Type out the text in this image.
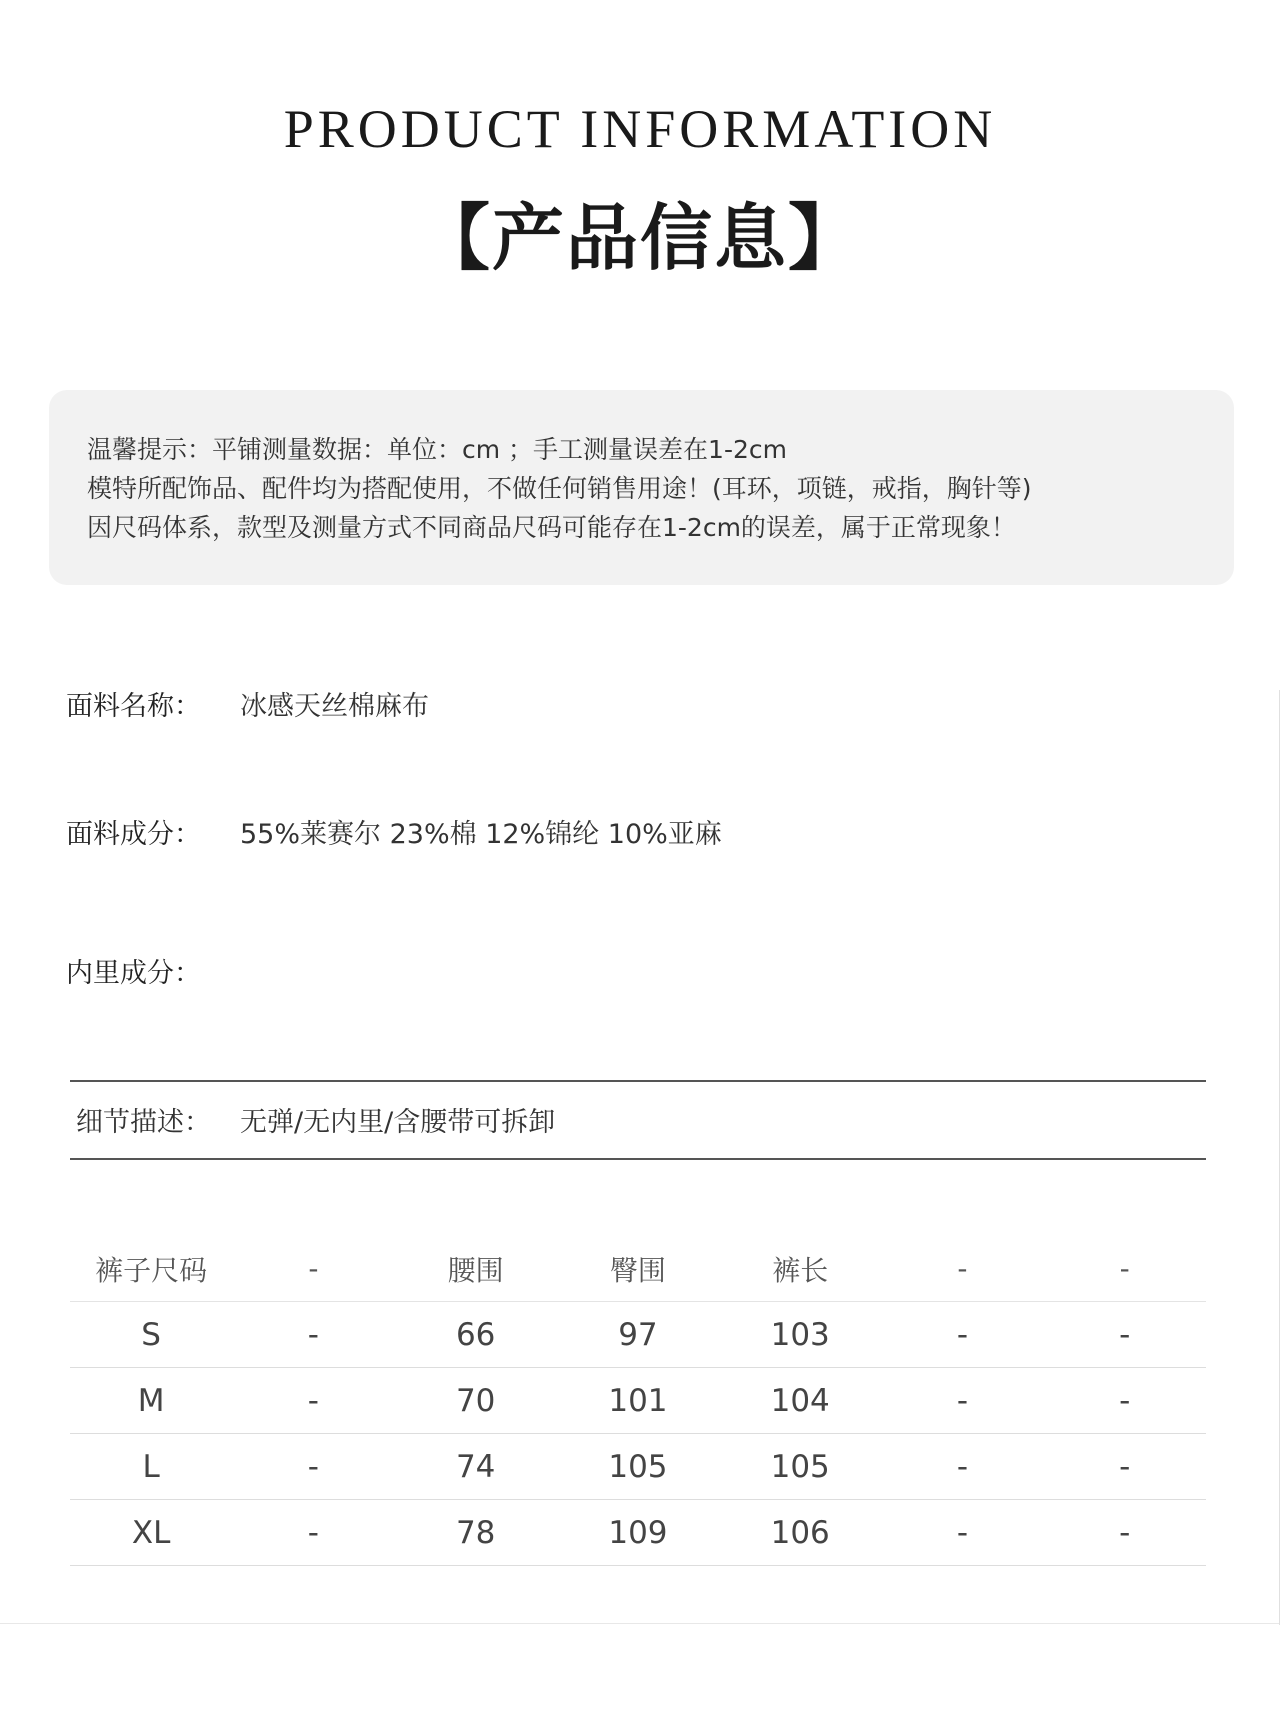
PRODUCT INFORMATION
【产品信息】
温馨提示：平铺测量数据：单位：cm ；手工测量误差在1-2cm
模特所配饰品、配件均为搭配使用，不做任何销售用途！(耳环，项链，戒指，胸针等)
因尺码体系，款型及测量方式不同商品尺码可能存在1-2cm的误差，属于正常现象！
面料名称： 冰感天丝棉麻布
面料成分： 55%莱赛尔 23%棉 12%锦纶 10%亚麻
内里成分：
细节描述： 无弹/无内里/含腰带可拆卸
裤子尺码	-	腰围	臀围	裤长	-	-
S	-	66	97	103	-	-
M	-	70	101	104	-	-
L	-	74	105	105	-	-
XL	-	78	109	106	-	-
